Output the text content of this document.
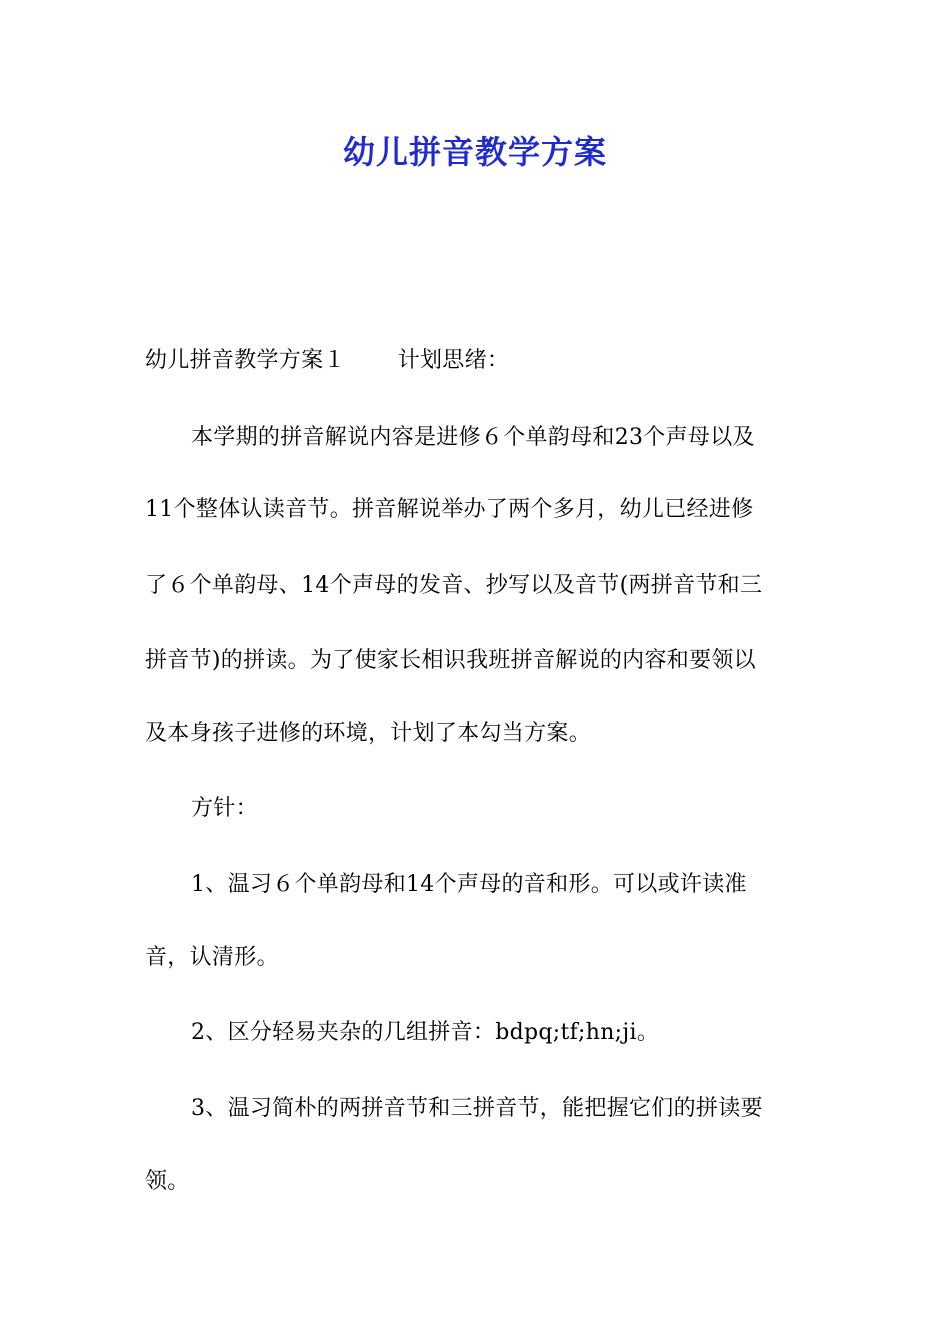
幼儿拼音教学方案
幼儿拼音教学方案１ 计划思绪：
本学期的拼音解说内容是进修６个单韵母和23个声母以及
11个整体认读音节。拼音解说举办了两个多月，幼儿已经进修
了６个单韵母、14个声母的发音、抄写以及音节(两拼音节和三
拼音节)的拼读。为了使家长相识我班拼音解说的内容和要领以
及本身孩子进修的环境，计划了本勾当方案。
方针：
1、温习６个单韵母和14个声母的音和形。可以或许读准
音，认清形。
2、区分轻易夹杂的几组拼音：bdpq;tf;hn;ji。
3、温习简朴的两拼音节和三拼音节，能把握它们的拼读要
领。
